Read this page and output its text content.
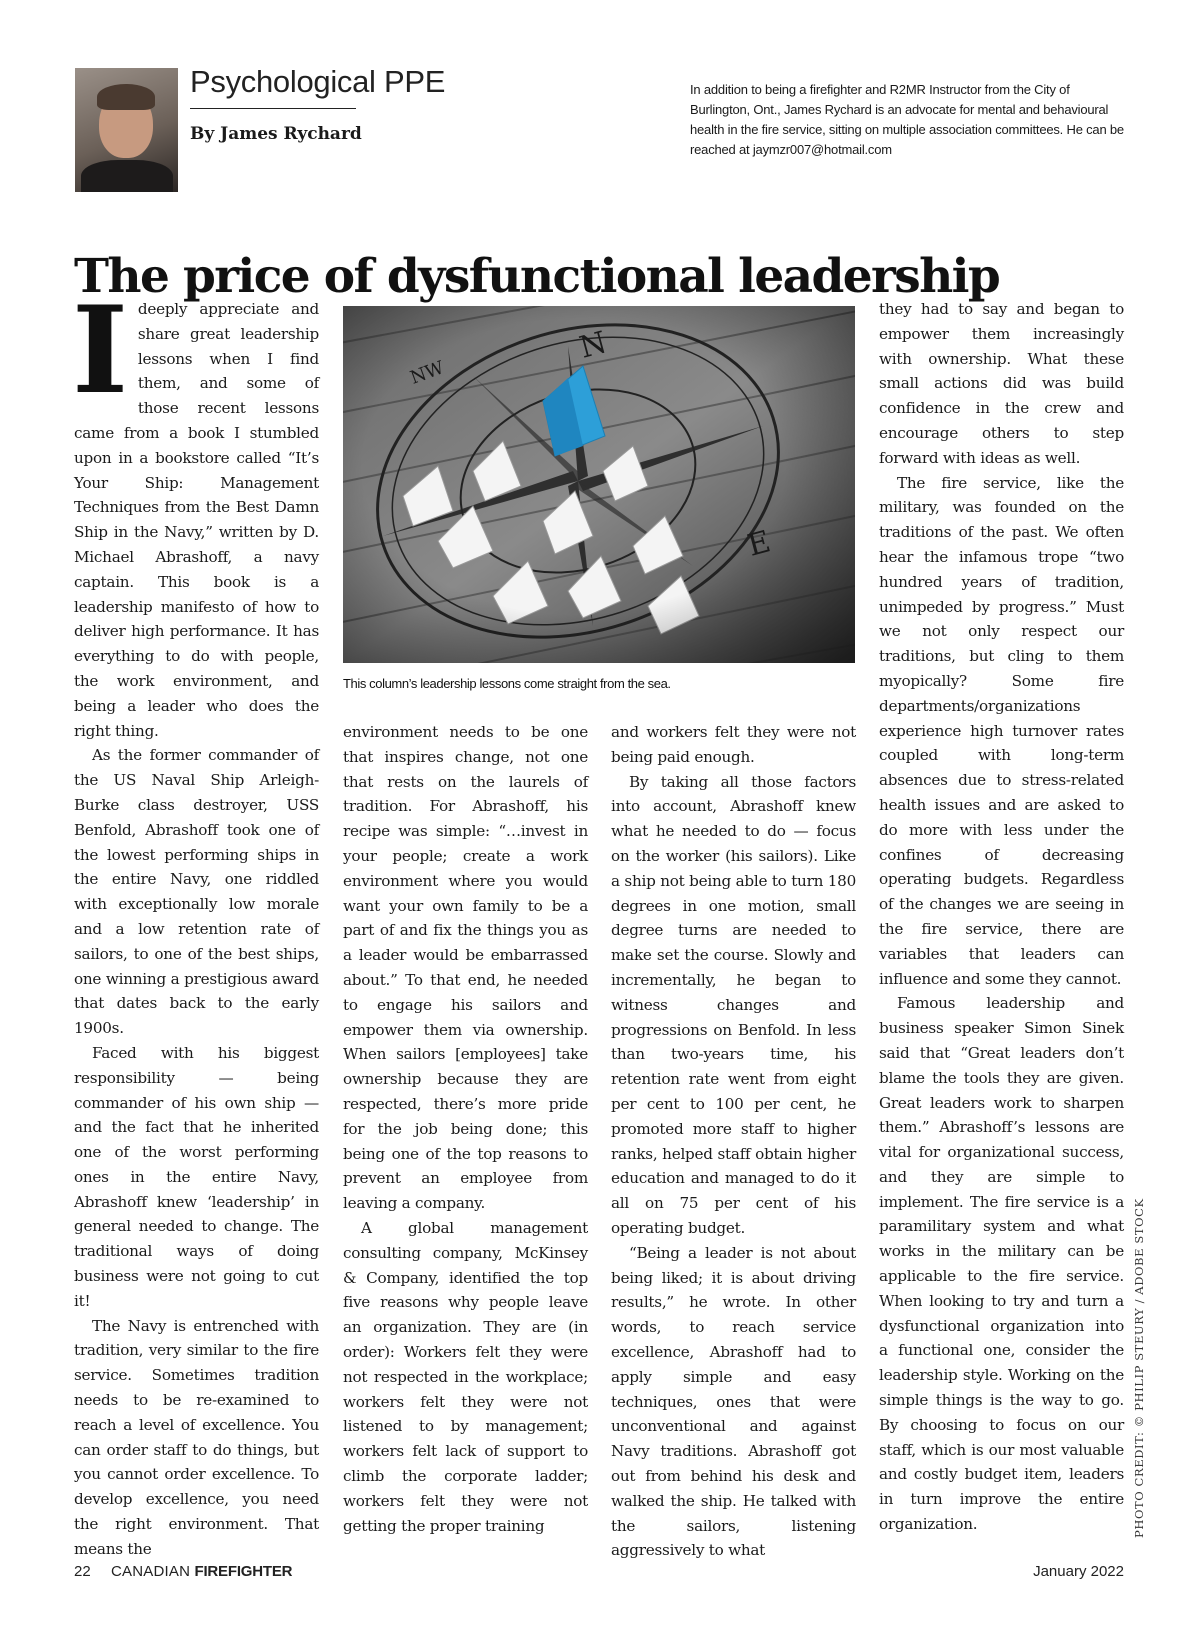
Psychological PPE
By James Rychard
In addition to being a firefighter and R2MR Instructor from the City of Burlington, Ont., James Rychard is an advocate for mental and behavioural health in the fire service, sitting on multiple association committees. He can be reached at jaymzr007@hotmail.com
The price of dysfunctional leadership

Ideeply appreciate and share great leadership lessons when I find them, and some of those recent lessons came from a book I stumbled upon in a bookstore called “It’s Your Ship: Management Techniques from the Best Damn Ship in the Navy,” written by D. Michael Abrashoff, a navy captain. This book is a leadership manifesto of how to deliver high performance. It has everything to do with people, the work environment, and being a leader who does the right thing.

As the former commander of the US Naval Ship Arleigh-Burke class destroyer, USS Benfold, Abrashoff took one of the lowest performing ships in the entire Navy, one riddled with exceptionally low morale and a low retention rate of sailors, to one of the best ships, one winning a prestigious award that dates back to the early 1900s.

Faced with his biggest responsibility — being commander of his own ship — and the fact that he inherited one of the worst performing ones in the entire Navy, Abrashoff knew ‘leadership’ in general needed to change. The traditional ways of doing business were not going to cut it!

The Navy is entrenched with tradition, very similar to the fire service. Sometimes tradition needs to be re-examined to reach a level of excellence. You can order staff to do things, but you cannot order excellence. To develop excellence, you need the right environment. That means the

This column’s leadership lessons come straight from the sea.

environment needs to be one that inspires change, not one that rests on the laurels of tradition. For Abrashoff, his recipe was simple: “…invest in your people; create a work environment where you would want your own family to be a part of and fix the things you as a leader would be embarrassed about.” To that end, he needed to engage his sailors and empower them via ownership. When sailors [employees] take ownership because they are respected, there’s more pride for the job being done; this being one of the top reasons to prevent an employee from leaving a company.

A global management consulting company, McKinsey & Company, identified the top five reasons why people leave an organization. They are (in order): Workers felt they were not respected in the workplace; workers felt they were not listened to by management; workers felt lack of support to climb the corporate ladder; workers felt they were not getting the proper training

and workers felt they were not being paid enough.

By taking all those factors into account, Abrashoff knew what he needed to do — focus on the worker (his sailors). Like a ship not being able to turn 180 degrees in one motion, small degree turns are needed to make set the course. Slowly and incrementally, he began to witness changes and progressions on Benfold. In less than two-years time, his retention rate went from eight per cent to 100 per cent, he promoted more staff to higher ranks, helped staff obtain higher education and managed to do it all on 75 per cent of his operating budget.

“Being a leader is not about being liked; it is about driving results,” he wrote. In other words, to reach service excellence, Abrashoff had to apply simple and easy techniques, ones that were unconventional and against Navy traditions. Abrashoff got out from behind his desk and walked the ship. He talked with the sailors, listening aggressively to what

they had to say and began to empower them increasingly with ownership. What these small actions did was build confidence in the crew and encourage others to step forward with ideas as well.

The fire service, like the military, was founded on the traditions of the past. We often hear the infamous trope “two hundred years of tradition, unimpeded by progress.” Must we not only respect our traditions, but cling to them myopically? Some fire departments/organizations experience high turnover rates coupled with long-term absences due to stress-related health issues and are asked to do more with less under the confines of decreasing operating budgets. Regardless of the changes we are seeing in the fire service, there are variables that leaders can influence and some they cannot.

Famous leadership and business speaker Simon Sinek said that “Great leaders don’t blame the tools they are given. Great leaders work to sharpen them.” Abrashoff’s lessons are vital for organizational success, and they are simple to implement. The fire service is a paramilitary system and what works in the military can be applicable to the fire service. When looking to try and turn a dysfunctional organization into a functional one, consider the leadership style. Working on the simple things is the way to go. By choosing to focus on our staff, which is our most valuable and costly budget item, leaders in turn improve the entire organization.	PHOTO CREDIT: © PHILIP STEURY / ADOBE STOCK
22 CANADIAN FIREFIGHTER	January 2022
